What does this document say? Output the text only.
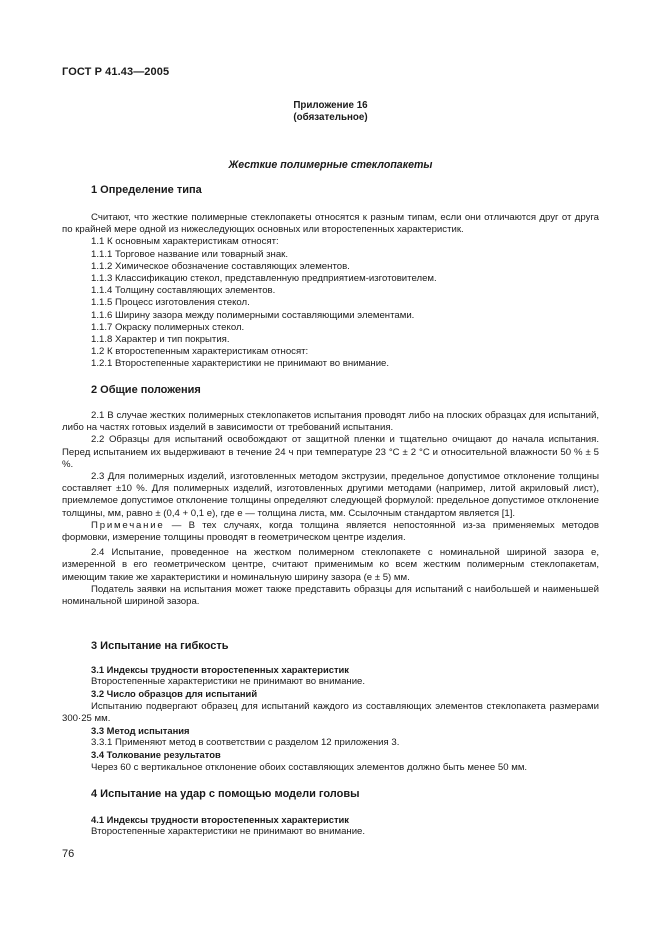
ГОСТ Р 41.43—2005
Приложение 16
(обязательное)
Жесткие полимерные стеклопакеты
1 Определение типа

Считают, что жесткие полимерные стеклопакеты относятся к разным типам, если они отличаются друг от друга по крайней мере одной из нижеследующих основных или второстепенных характеристик.

1.1 К основным характеристикам относят:

1.1.1 Торговое название или товарный знак.

1.1.2 Химическое обозначение составляющих элементов.

1.1.3 Классификацию стекол, представленную предприятием-изготовителем.

1.1.4 Толщину составляющих элементов.

1.1.5 Процесс изготовления стекол.

1.1.6 Ширину зазора между полимерными составляющими элементами.

1.1.7 Окраску полимерных стекол.

1.1.8 Характер и тип покрытия.

1.2 К второстепенным характеристикам относят:

1.2.1 Второстепенные характеристики не принимают во внимание.

2 Общие положения

2.1 В случае жестких полимерных стеклопакетов испытания проводят либо на плоских образцах для испытаний, либо на частях готовых изделий в зависимости от требований испытания.

2.2 Образцы для испытаний освобождают от защитной пленки и тщательно очищают до начала испытания. Перед испытанием их выдерживают в течение 24 ч при температуре 23 °С ± 2 °С и относительной влажности 50 % ± 5 %.

2.3 Для полимерных изделий, изготовленных методом экструзии, предельное допустимое отклонение толщины составляет ±10 %. Для полимерных изделий, изготовленных другими методами (например, литой акриловый лист), приемлемое допустимое отклонение толщины определяют следующей формулой: предельное допустимое отклонение толщины, мм, равно ± (0,4 + 0,1 е), где е — толщина листа, мм. Ссылочным стандартом является [1].

Примечание — В тех случаях, когда толщина является непостоянной из-за применяемых методов формовки, измерение толщины проводят в геометрическом центре изделия.

2.4 Испытание, проведенное на жестком полимерном стеклопакете с номинальной шириной зазора е, измеренной в его геометрическом центре, считают применимым ко всем жестким полимерным стеклопакетам, имеющим такие же характеристики и номинальную ширину зазора (е ± 5) мм.

Податель заявки на испытания может также представить образцы для испытаний с наибольшей и наименьшей номинальной шириной зазора.

3 Испытание на гибкость

3.1 Индексы трудности второстепенных характеристик

Второстепенные характеристики не принимают во внимание.

3.2 Число образцов для испытаний

Испытанию подвергают образец для испытаний каждого из составляющих элементов стеклопакета размерами 300·25 мм.

3.3 Метод испытания

3.3.1 Применяют метод в соответствии с разделом 12 приложения 3.

3.4 Толкование результатов

Через 60 с вертикальное отклонение обоих составляющих элементов должно быть менее 50 мм.

4 Испытание на удар с помощью модели головы

4.1 Индексы трудности второстепенных характеристик

Второстепенные характеристики не принимают во внимание.

76
